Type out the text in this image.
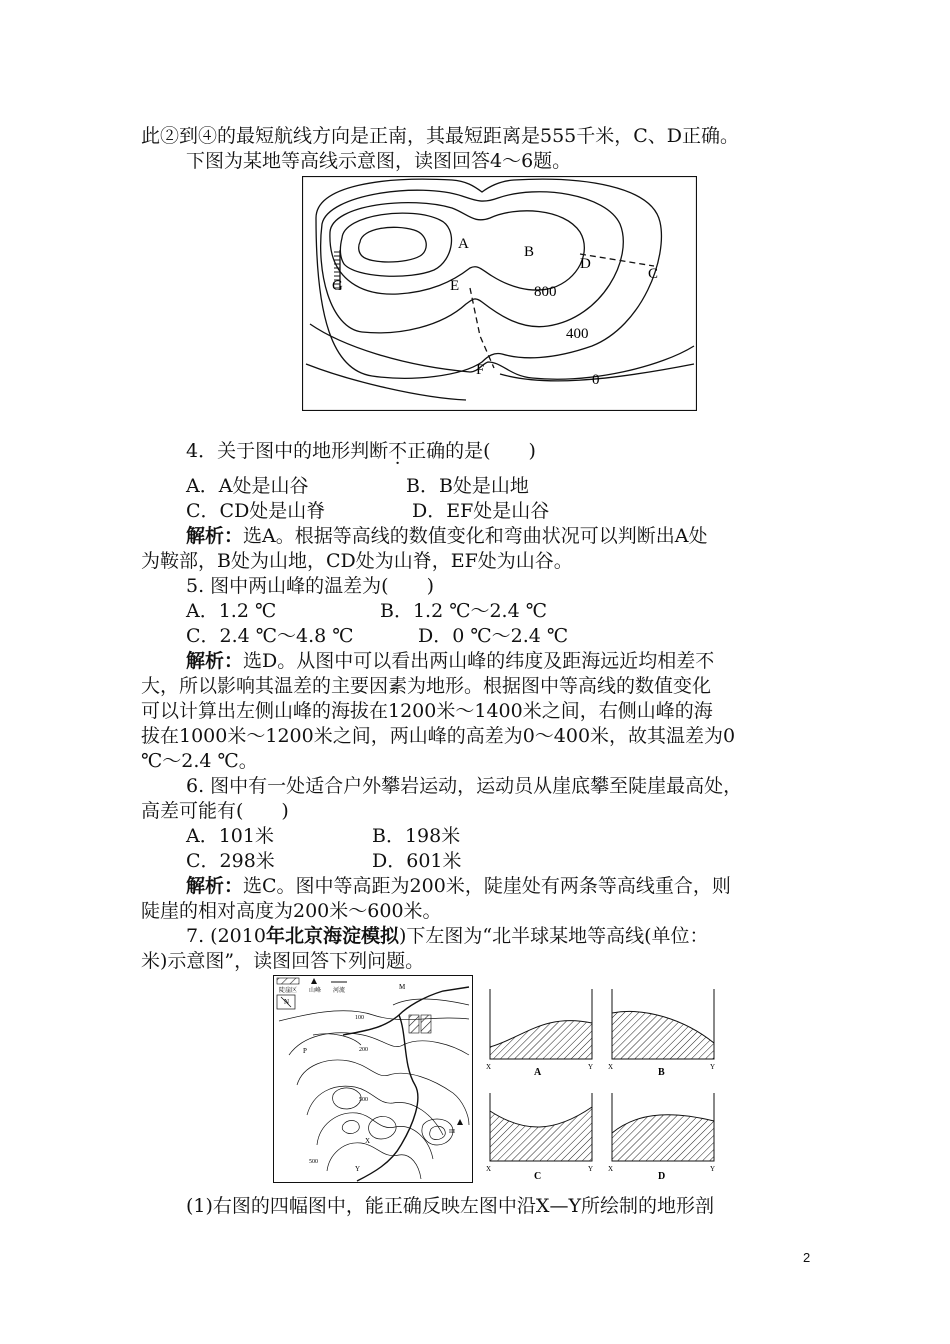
此②到④的最短航线方向是正南，其最短距离是555千米，C、D正确。
下图为某地等高线示意图，读图回答4～6题。
A	B
C
D
E
F
G	800
400
0
4．关于图中的地形判断不正确的是(　　)
A．A处是山谷	B．B处是山地
C．CD处是山脊	D．EF处是山谷
解析：选A。根据等高线的数值变化和弯曲状况可以判断出A处
为鞍部，B处为山地，CD处为山脊，EF处为山谷。
5. 图中两山峰的温差为(　　)
A．1.2 ℃	B．1.2 ℃～2.4 ℃
C．2.4 ℃～4.8 ℃	D．0 ℃～2.4 ℃
解析：选D。从图中可以看出两山峰的纬度及距海远近均相差不
大，所以影响其温差的主要因素为地形。根据图中等高线的数值变化
可以计算出左侧山峰的海拔在1200米～1400米之间，右侧山峰的海
拔在1000米～1200米之间，两山峰的高差为0～400米，故其温差为0
℃～2.4 ℃。
6. 图中有一处适合户外攀岩运动，运动员从崖底攀至陡崖最高处，
高差可能有(　　)
A．101米	B．198米
C．298米	D．601米
解析：选C。图中等高距为200米，陡崖处有两条等高线重合，则
陡崖的相对高度为200米～600米。
7. (2010年北京海淀模拟)下左图为“北半球某地等高线(单位：
米)示意图”，读图回答下列问题。
陡崖区 山峰 河流
N
M
P
100
200
500
500
X
Y
III
X	Y
A	X	Y
B
X	Y
C
X	Y
D
(1)右图的四幅图中，能正确反映左图中沿X—Y所绘制的地形剖
2
